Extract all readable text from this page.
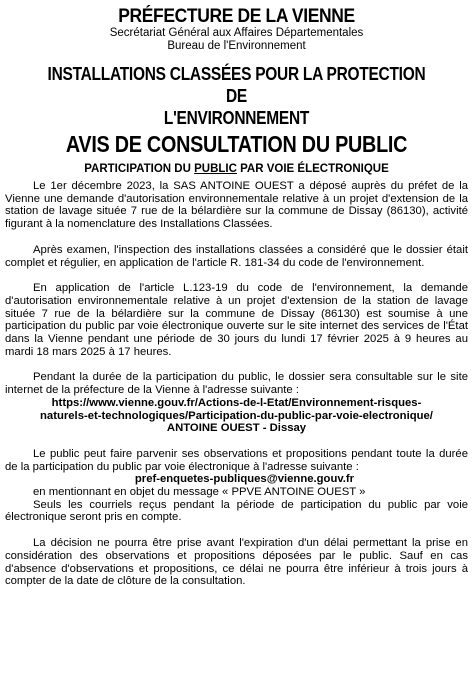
PRÉFECTURE DE LA VIENNE
Secrétariat Général aux Affaires Départementales
Bureau de l'Environnement
INSTALLATIONS CLASSÉES POUR LA PROTECTION DE
L'ENVIRONNEMENT
AVIS DE CONSULTATION DU PUBLIC
PARTICIPATION DU PUBLIC PAR VOIE ÉLECTRONIQUE

Le 1er décembre 2023, la SAS ANTOINE OUEST a déposé auprès du préfet de la Vienne une demande d'autorisation environnementale relative à un projet d'extension de la station de lavage située 7 rue de la bélardière sur la commune de Dissay (86130), activité figurant à la nomenclature des Installations Classées.

Après examen, l'inspection des installations classées a considéré que le dossier était complet et régulier, en application de l'article R. 181-34 du code de l'environnement.

En application de l'article L.123-19 du code de l'environnement, la demande d'autorisation environnementale relative à un projet d'extension de la station de lavage située 7 rue de la bélardière sur la commune de Dissay (86130) est soumise à une participation du public par voie électronique ouverte sur le site internet des services de l'État dans la Vienne pendant une période de 30 jours du lundi 17 février 2025 à 9 heures au mardi 18 mars 2025 à 17 heures.

Pendant la durée de la participation du public, le dossier sera consultable sur le site internet de la préfecture de la Vienne à l'adresse suivante :

https://www.vienne.gouv.fr/Actions-de-l-Etat/Environnement-risques-
naturels-et-technologiques/Participation-du-public-par-voie-electronique/
ANTOINE OUEST - Dissay

Le public peut faire parvenir ses observations et propositions pendant toute la durée de la participation du public par voie électronique à l'adresse suivante :

pref-enquetes-publiques@vienne.gouv.fr

en mentionnant en objet du message « PPVE ANTOINE OUEST »

Seuls les courriels reçus pendant la période de participation du public par voie électronique seront pris en compte.

La décision ne pourra être prise avant l'expiration d'un délai permettant la prise en considération des observations et propositions déposées par le public. Sauf en cas d'absence d'observations et propositions, ce délai ne pourra être inférieur à trois jours à compter de la date de clôture de la consultation.
